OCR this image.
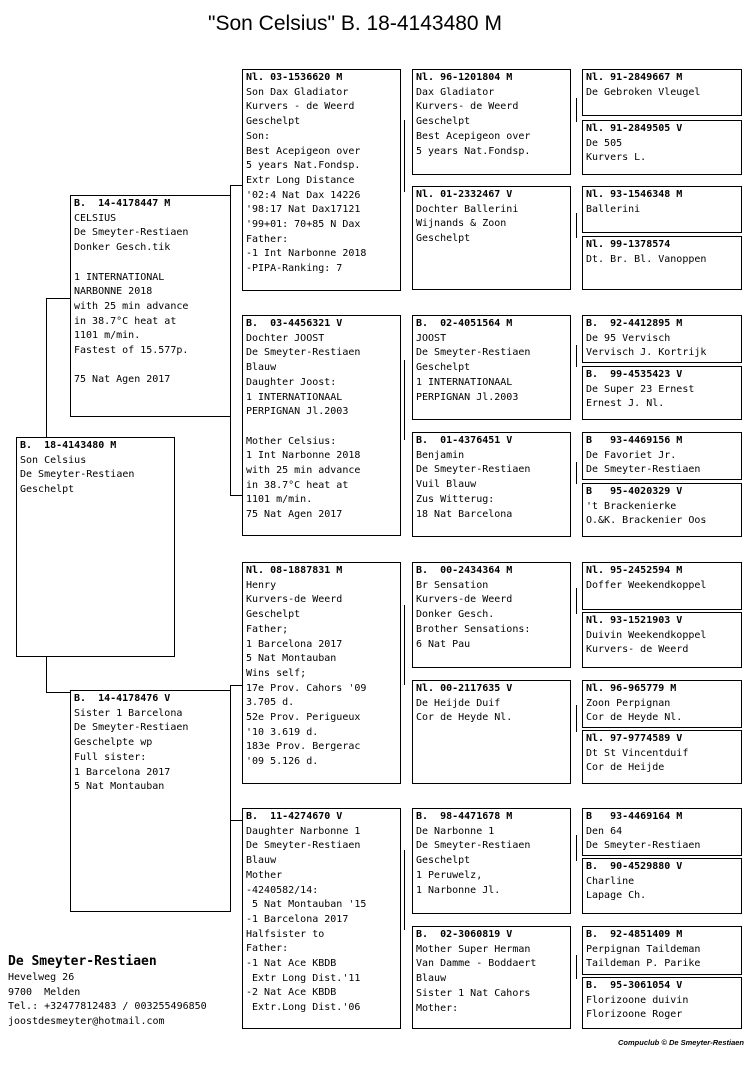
"Son Celsius" B. 18-4143480 M
B.  18-4143480 M
Son Celsius
De Smeyter-Restiaen
Geschelpt
B.  14-4178447 M
CELSIUS
De Smeyter-Restiaen
Donker Gesch.tik
1 INTERNATIONAL
NARBONNE 2018
with 25 min advance
in 38.7°C heat at
1101 m/min.
Fastest of 15.577p.
75 Nat Agen 2017
B.  14-4178476 V
Sister 1 Barcelona
De Smeyter-Restiaen
Geschelpte wp
Full sister:
1 Barcelona 2017
5 Nat Montauban
Nl. 03-1536620 M
Son Dax Gladiator
Kurvers - de Weerd
Geschelpt
Son:
Best Acepigeon over
5 years Nat.Fondsp.
Extr Long Distance
'02:4 Nat Dax 14226
'98:17 Nat Dax17121
'99+01: 70+85 N Dax
Father:
-1 Int Narbonne 2018
-PIPA-Ranking: 7
B.  03-4456321 V
Dochter JOOST
De Smeyter-Restiaen
Blauw
Daughter Joost:
1 INTERNATIONAAL
PERPIGNAN Jl.2003
Mother Celsius:
1 Int Narbonne 2018
with 25 min advance
in 38.7°C heat at
1101 m/min.
75 Nat Agen 2017
Nl. 08-1887831 M
Henry
Kurvers-de Weerd
Geschelpt
Father;
1 Barcelona 2017
5 Nat Montauban
Wins self;
17e Prov. Cahors '09
3.705 d.
52e Prov. Perigueux
'10 3.619 d.
183e Prov. Bergerac
'09 5.126 d.
B.  11-4274670 V
Daughter Narbonne 1
De Smeyter-Restiaen
Blauw
Mother
-4240582/14:
5 Nat Montauban '15
-1 Barcelona 2017
Halfsister to
Father:
-1 Nat Ace KBDB
Extr Long Dist.'11
-2 Nat Ace KBDB
Extr.Long Dist.'06
Nl. 96-1201804 M
Dax Gladiator
Kurvers- de Weerd
Geschelpt
Best Acepigeon over
5 years Nat.Fondsp.
Nl. 01-2332467 V
Dochter Ballerini
Wijnands & Zoon
Geschelpt
B.  02-4051564 M
JOOST
De Smeyter-Restiaen
Geschelpt
1 INTERNATIONAAL
PERPIGNAN Jl.2003
B.  01-4376451 V
Benjamin
De Smeyter-Restiaen
Vuil Blauw
Zus Witterug:
18 Nat Barcelona
B.  00-2434364 M
Br Sensation
Kurvers-de Weerd
Donker Gesch.
Brother Sensations:
6 Nat Pau
Nl. 00-2117635 V
De Heijde Duif
Cor de Heyde Nl.
B.  98-4471678 M
De Narbonne 1
De Smeyter-Restiaen
Geschelpt
1 Peruwelz,
1 Narbonne Jl.
B.  02-3060819 V
Mother Super Herman
Van Damme - Boddaert
Blauw
Sister 1 Nat Cahors
Mother:
Nl. 91-2849667 M
De Gebroken Vleugel
Nl. 91-2849505 V
De 505
Kurvers L.
Nl. 93-1546348 M
Ballerini
Nl. 99-1378574
Dt. Br. Bl. Vanoppen
B.  92-4412895 M
De 95 Vervisch
Vervisch J. Kortrijk
B.  99-4535423 V
De Super 23 Ernest
Ernest J. Nl.
B   93-4469156 M
De Favoriet Jr.
De Smeyter-Restiaen
B   95-4020329 V
't Brackenierke
O.&K. Brackenier Oos
Nl. 95-2452594 M
Doffer Weekendkoppel
Nl. 93-1521903 V
Duivin Weekendkoppel
Kurvers- de Weerd
Nl. 96-965779 M
Zoon Perpignan
Cor de Heyde Nl.
Nl. 97-9774589 V
Dt St Vincentduif
Cor de Heijde
B   93-4469164 M
Den 64
De Smeyter-Restiaen
B.  90-4529880 V
Charline
Lapage Ch.
B.  92-4851409 M
Perpignan Taildeman
Taildeman P. Parike
B.  95-3061054 V
Florizoone duivin
Florizoone Roger
De Smeyter-Restiaen
Hevelweg 26
9700  Melden
Tel.: +32477812483 / 003255496850
joostdesmeyter@hotmail.com
Compuclub © De Smeyter-Restiaen
